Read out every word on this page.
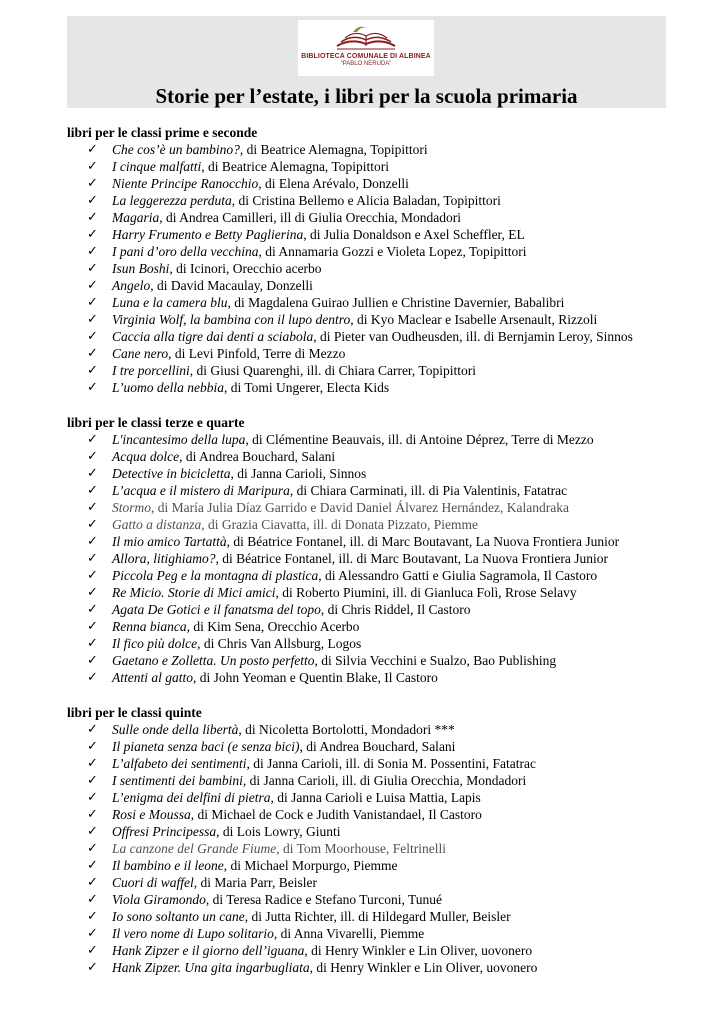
BIBLIOTECA COMUNALE DI ALBINEA
“PABLO NERUDA”
Storie per l’estate, i libri per la scuola primaria

libri per le classi prime e seconde

✓ Che cos’è un bambino?, di Beatrice Alemagna, Topipittori
✓ I cinque malfatti, di Beatrice Alemagna, Topipittori
✓ Niente Principe Ranocchio, di Elena Arévalo, Donzelli
✓ La leggerezza perduta, di Cristina Bellemo e Alicia Baladan, Topipittori
✓ Magaria, di Andrea Camilleri, ill di Giulia Orecchia, Mondadori
✓ Harry Frumento e Betty Paglierina, di Julia Donaldson e Axel Scheffler, EL
✓ I pani d’oro della vecchina, di Annamaria Gozzi e Violeta Lopez, Topipittori
✓ Isun Boshi, di Icinori, Orecchio acerbo
✓ Angelo, di David Macaulay, Donzelli
✓ Luna e la camera blu, di Magdalena Guirao Jullien e Christine Davernier, Babalibri
✓ Virginia Wolf, la bambina con il lupo dentro, di Kyo Maclear e Isabelle Arsenault, Rizzoli
✓ Caccia alla tigre dai denti a sciabola, di Pieter van Oudheusden, ill. di Bernjamin Leroy, Sinnos
✓ Cane nero, di Levi Pinfold, Terre di Mezzo
✓ I tre porcellini, di Giusi Quarenghi, ill. di Chiara Carrer, Topipittori
✓ L’uomo della nebbia, di Tomi Ungerer, Electa Kids

libri per le classi terze e quarte

✓ L'incantesimo della lupa, di Clémentine Beauvais, ill. di Antoine Déprez, Terre di Mezzo
✓ Acqua dolce, di Andrea Bouchard, Salani
✓ Detective in bicicletta, di Janna Carioli, Sinnos
✓ L’acqua e il mistero di Maripura, di Chiara Carminati, ill. di Pia Valentinis, Fatatrac
✓ Stormo, di María Julia Díaz Garrido e David Daniel Álvarez Hernández, Kalandraka
✓ Gatto a distanza, di Grazia Ciavatta, ill. di Donata Pizzato, Piemme
✓ Il mio amico Tartattà, di Béatrice Fontanel, ill. di Marc Boutavant, La Nuova Frontiera Junior
✓ Allora, litighiamo?, di Béatrice Fontanel, ill. di Marc Boutavant, La Nuova Frontiera Junior
✓ Piccola Peg e la montagna di plastica, di Alessandro Gatti e Giulia Sagramola, Il Castoro
✓ Re Micio. Storie di Mici amici, di Roberto Piumini, ill. di Gianluca Folì, Rrose Selavy
✓ Agata De Gotici e il fanatsma del topo, di Chris Riddel, Il Castoro
✓ Renna bianca, di Kim Sena, Orecchio Acerbo
✓ Il fico più dolce, di Chris Van Allsburg, Logos
✓ Gaetano e Zolletta. Un posto perfetto, di Silvia Vecchini e Sualzo, Bao Publishing
✓ Attenti al gatto, di John Yeoman e Quentin Blake, Il Castoro

libri per le classi quinte

✓ Sulle onde della libertà, di Nicoletta Bortolotti, Mondadori ***
✓ Il pianeta senza baci (e senza bici), di Andrea Bouchard, Salani
✓ L’alfabeto dei sentimenti, di Janna Carioli, ill. di Sonia M. Possentini, Fatatrac
✓ I sentimenti dei bambini, di Janna Carioli, ill. di Giulia Orecchia, Mondadori
✓ L’enigma dei delfini di pietra, di Janna Carioli e Luisa Mattia, Lapis
✓ Rosi e Moussa, di Michael de Cock e Judith Vanistandael, Il Castoro
✓ Offresi Principessa, di Lois Lowry, Giunti
✓ La canzone del Grande Fiume, di Tom Moorhouse, Feltrinelli
✓ Il bambino e il leone, di Michael Morpurgo, Piemme
✓ Cuori di waffel, di Maria Parr, Beisler
✓ Viola Giramondo, di Teresa Radice e Stefano Turconi, Tunué
✓ Io sono soltanto un cane, di Jutta Richter, ill. di Hildegard Muller, Beisler
✓ Il vero nome di Lupo solitario, di Anna Vivarelli, Piemme
✓ Hank Zipzer e il giorno dell’iguana, di Henry Winkler e Lin Oliver, uovonero
✓ Hank Zipzer. Una gita ingarbugliata, di Henry Winkler e Lin Oliver, uovonero
